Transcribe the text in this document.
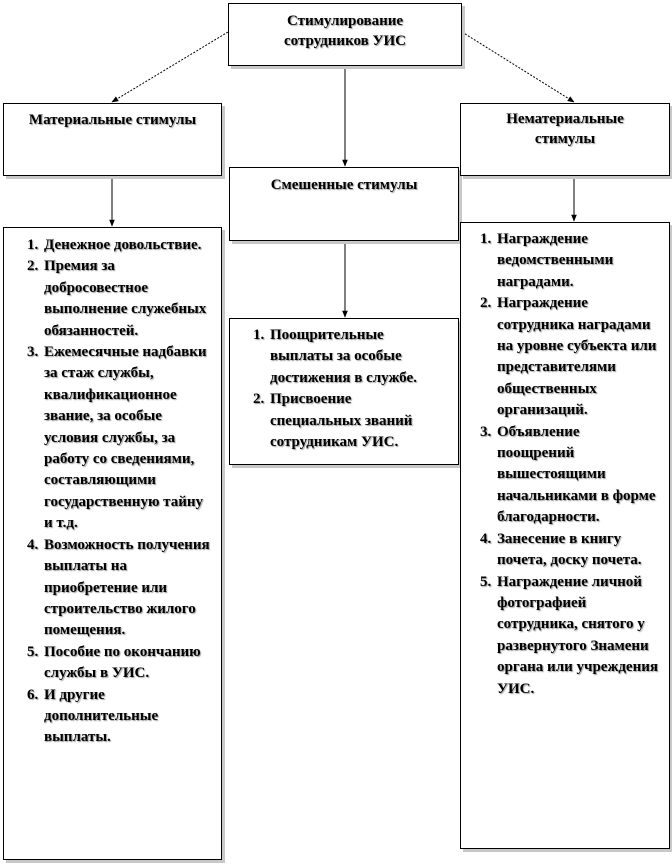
Стимулирование сотрудников УИС
Материальные стимулы
Смешенные стимулы
Нематериальные стимулы
1. Денежное довольствие.
2. Премия за добросовестное выполнение служебных обязанностей.
3. Ежемесячные надбавки за стаж службы, квалификационное звание, за особые условия службы, за работу со сведениями, составляющими государственную тайну и т.д.
4. Возможность получения выплаты на приобретение или строительство жилого помещения.
5. Пособие по окончанию службы в УИС.
6. И другие дополнительные выплаты.
1. Поощрительные выплаты за особые достижения в службе.
2. Присвоение специальных званий сотрудникам УИС.
1. Награждение ведомственными наградами.
2. Награждение сотрудника наградами на уровне субъекта или представителями общественных организаций.
3. Объявление поощрений вышестоящими начальниками в форме благодарности.
4. Занесение в книгу почета, доску почета.
5. Награждение личной фотографией сотрудника, снятого у развернутого Знамени органа или учреждения УИС.
